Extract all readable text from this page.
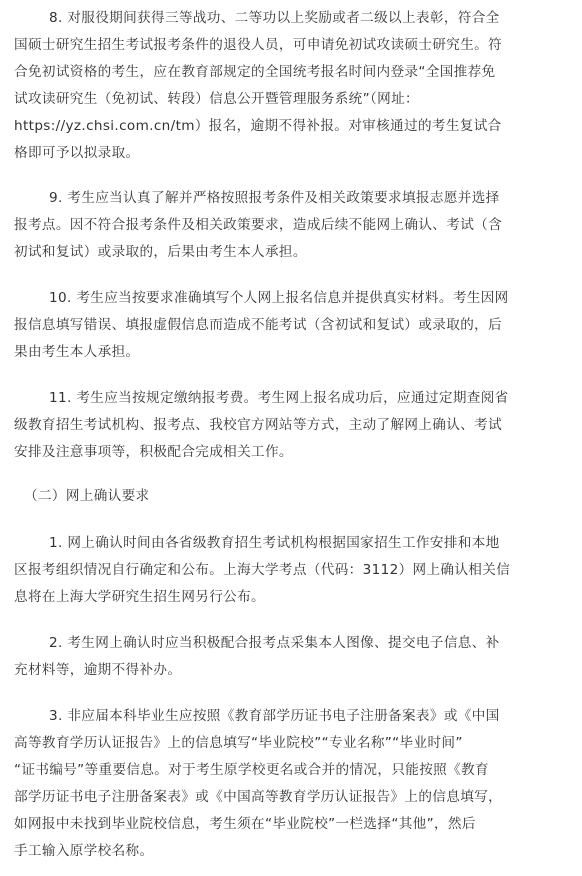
8. 对服役期间获得三等战功、二等功以上奖励或者二级以上表彰，符合全
国硕士研究生招生考试报考条件的退役人员，可申请免初试攻读硕士研究生。符
合免初试资格的考生，应在教育部规定的全国统考报名时间内登录“全国推荐免
试攻读研究生（免初试、转段）信息公开暨管理服务系统”（网址：
https://yz.chsi.com.cn/tm）报名，逾期不得补报。对审核通过的考生复试合
格即可予以拟录取。
9. 考生应当认真了解并严格按照报考条件及相关政策要求填报志愿并选择
报考点。因不符合报考条件及相关政策要求，造成后续不能网上确认、考试（含
初试和复试）或录取的，后果由考生本人承担。
10. 考生应当按要求准确填写个人网上报名信息并提供真实材料。考生因网
报信息填写错误、填报虚假信息而造成不能考试（含初试和复试）或录取的，后
果由考生本人承担。
11. 考生应当按规定缴纳报考费。考生网上报名成功后，应通过定期查阅省
级教育招生考试机构、报考点、我校官方网站等方式，主动了解网上确认、考试
安排及注意事项等，积极配合完成相关工作。
（二）网上确认要求
1. 网上确认时间由各省级教育招生考试机构根据国家招生工作安排和本地
区报考组织情况自行确定和公布。上海大学考点（代码：3112）网上确认相关信
息将在上海大学研究生招生网另行公布。
2. 考生网上确认时应当积极配合报考点采集本人图像、提交电子信息、补
充材料等，逾期不得补办。
3. 非应届本科毕业生应按照《教育部学历证书电子注册备案表》或《中国
高等教育学历认证报告》上的信息填写“毕业院校”“专业名称”“毕业时间”
“证书编号”等重要信息。对于考生原学校更名或合并的情况，只能按照《教育
部学历证书电子注册备案表》或《中国高等教育学历认证报告》上的信息填写，
如网报中未找到毕业院校信息，考生须在“毕业院校”一栏选择“其他”，然后
手工输入原学校名称。
